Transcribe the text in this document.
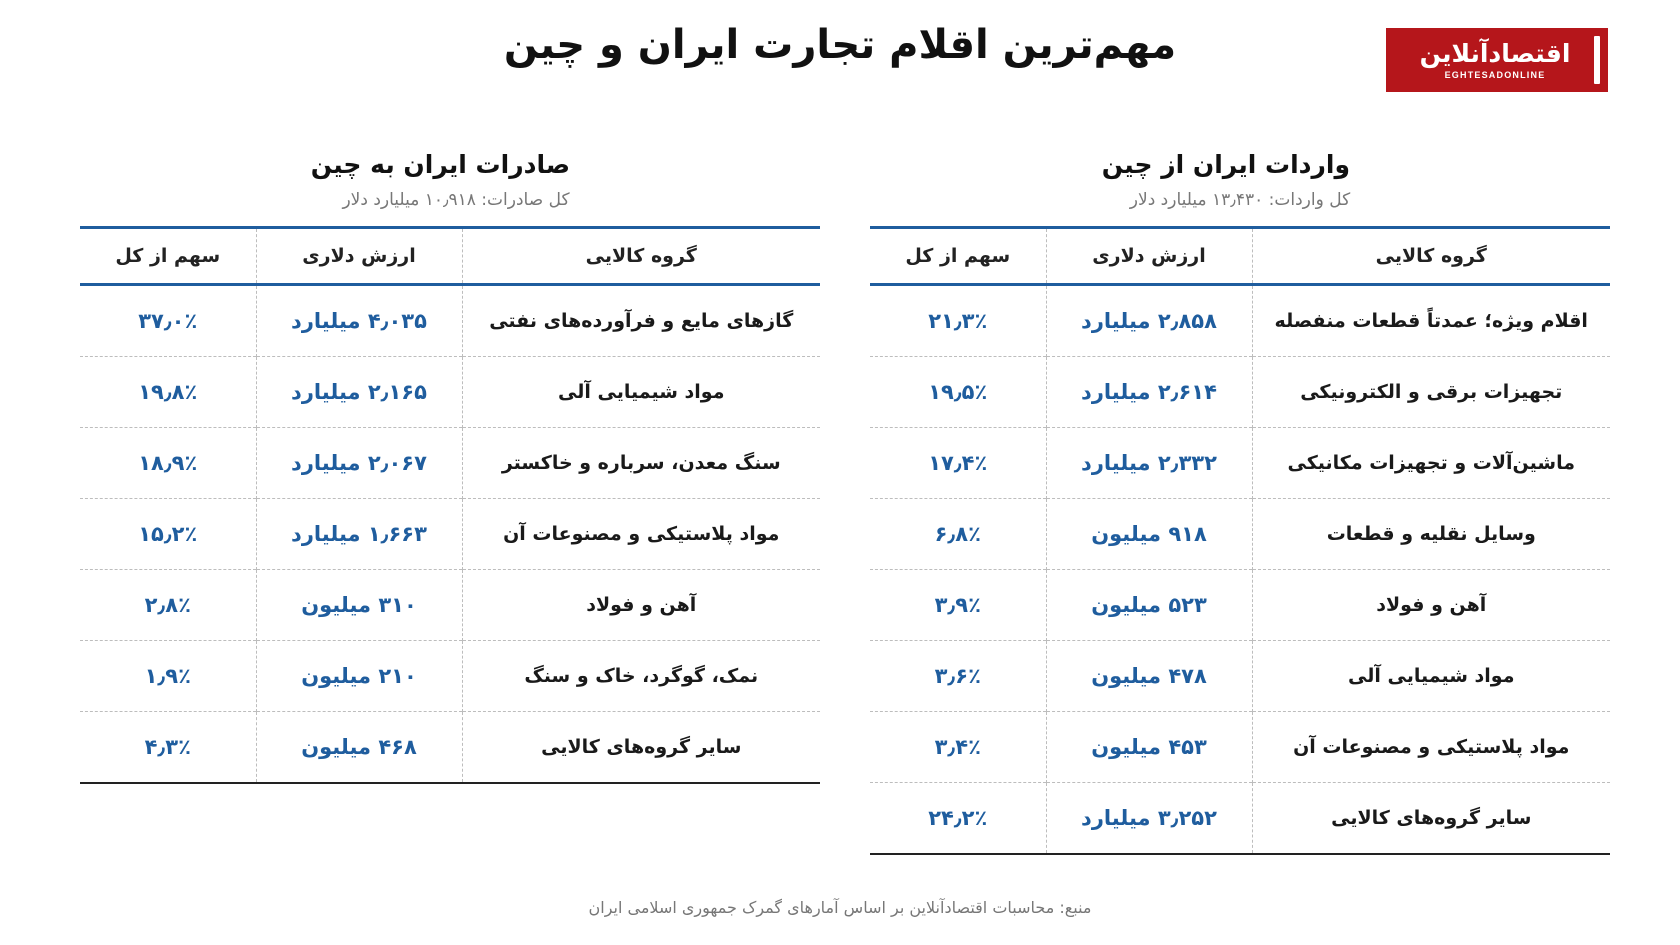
مهم‌ترین اقلام تجارت ایران و چین	اقتصادآنلاین
EGHTESADONLINE
واردات ایران از چین
کل واردات: ۱۳٫۴۳۰ میلیارد دلار
گروه کالایی	ارزش دلاری	سهم از کل
اقلام ویژه؛ عمدتاً قطعات منفصله	۲٫۸۵۸ میلیارد	۲۱٫۳٪
تجهیزات برقی و الکترونیکی	۲٫۶۱۴ میلیارد	۱۹٫۵٪
ماشین‌آلات و تجهیزات مکانیکی	۲٫۳۳۲ میلیارد	۱۷٫۴٪
وسایل نقلیه و قطعات	۹۱۸ میلیون	۶٫۸٪
آهن و فولاد	۵۲۳ میلیون	۳٫۹٪
مواد شیمیایی آلی	۴۷۸ میلیون	۳٫۶٪
مواد پلاستیکی و مصنوعات آن	۴۵۳ میلیون	۳٫۴٪
سایر گروه‌های کالایی	۳٫۲۵۲ میلیارد	۲۴٫۲٪
صادرات ایران به چین
کل صادرات: ۱۰٫۹۱۸ میلیارد دلار
گروه کالایی	ارزش دلاری	سهم از کل
گازهای مایع و فرآورده‌های نفتی	۴٫۰۳۵ میلیارد	۳۷٫۰٪
مواد شیمیایی آلی	۲٫۱۶۵ میلیارد	۱۹٫۸٪
سنگ معدن، سرباره و خاکستر	۲٫۰۶۷ میلیارد	۱۸٫۹٪
مواد پلاستیکی و مصنوعات آن	۱٫۶۶۳ میلیارد	۱۵٫۲٪
آهن و فولاد	۳۱۰ میلیون	۲٫۸٪
نمک، گوگرد، خاک و سنگ	۲۱۰ میلیون	۱٫۹٪
سایر گروه‌های کالایی	۴۶۸ میلیون	۴٫۳٪
منبع: محاسبات اقتصادآنلاین بر اساس آمارهای گمرک جمهوری اسلامی ایران
